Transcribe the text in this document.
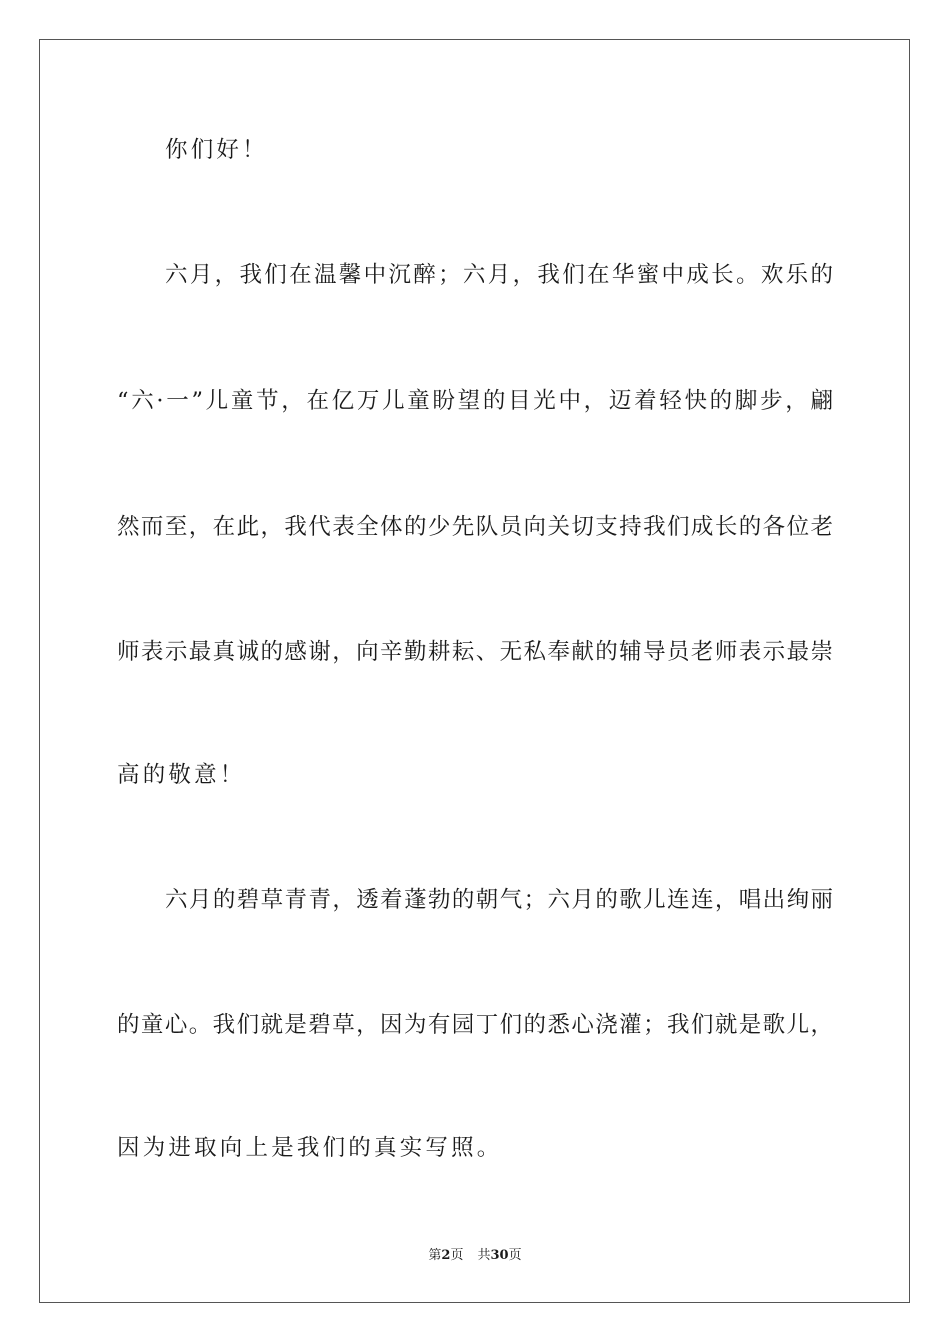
你们好！
六月，我们在温馨中沉醉；六月，我们在华蜜中成长。欢乐的
“六·一”儿童节，在亿万儿童盼望的目光中，迈着轻快的脚步，翩
然而至，在此，我代表全体的少先队员向关切支持我们成长的各位老
师表示最真诚的感谢，向辛勤耕耘、无私奉献的辅导员老师表示最崇
高的敬意！
六月的碧草青青，透着蓬勃的朝气；六月的歌儿连连，唱出绚丽
的童心。我们就是碧草，因为有园丁们的悉心浇灌；我们就是歌儿，
因为进取向上是我们的真实写照。
第2页 共30页
